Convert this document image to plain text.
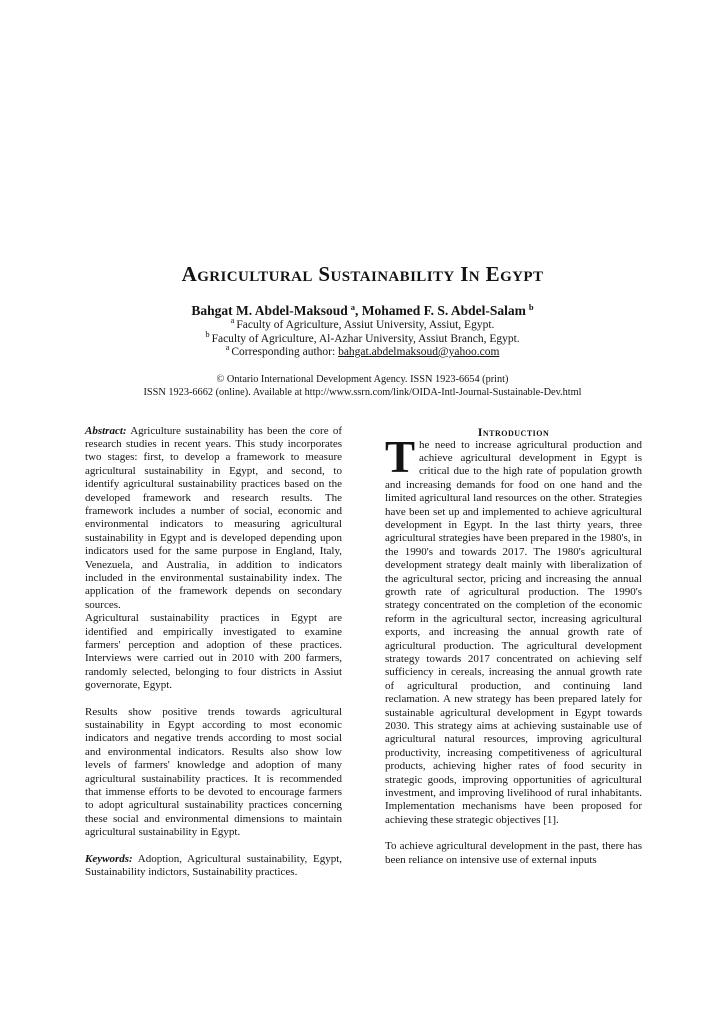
Agricultural Sustainability In Egypt
Bahgat M. Abdel-Maksoud $^a$, Mohamed F. S. Abdel-Salam $^b$
$^a$ Faculty of Agriculture, Assiut University, Assiut, Egypt.
$^b$ Faculty of Agriculture, Al-Azhar University, Assiut Branch, Egypt.
$^a$ Corresponding author: bahgat.abdelmaksoud@yahoo.com
© Ontario International Development Agency. ISSN 1923-6654 (print)
ISSN 1923-6662 (online). Available at http://www.ssrn.com/link/OIDA-Intl-Journal-Sustainable-Dev.html

Abstract: Agriculture sustainability has been the core of research studies in recent years. This study incorporates two stages: first, to develop a framework to measure agricultural sustainability in Egypt, and second, to identify agricultural sustainability practices based on the developed framework and research results. The framework includes a number of social, economic and environmental indicators to measuring agricultural sustainability in Egypt and is developed depending upon indicators used for the same purpose in England, Italy, Venezuela, and Australia, in addition to indicators included in the environmental sustainability index. The application of the framework depends on secondary sources.

Agricultural sustainability practices in Egypt are identified and empirically investigated to examine farmers' perception and adoption of these practices. Interviews were carried out in 2010 with 200 farmers, randomly selected, belonging to four districts in Assiut governorate, Egypt.

Results show positive trends towards agricultural sustainability in Egypt according to most economic indicators and negative trends according to most social and environmental indicators. Results also show low levels of farmers' knowledge and adoption of many agricultural sustainability practices. It is recommended that immense efforts to be devoted to encourage farmers to adopt agricultural sustainability practices concerning these social and environmental dimensions to maintain agricultural sustainability in Egypt.

Keywords: Adoption, Agricultural sustainability, Egypt, Sustainability indictors, Sustainability practices.

Introduction

The need to increase agricultural production and achieve agricultural development in Egypt is critical due to the high rate of population growth and increasing demands for food on one hand and the limited agricultural land resources on the other. Strategies have been set up and implemented to achieve agricultural development in Egypt. In the last thirty years, three agricultural strategies have been prepared in the 1980's, in the 1990's and towards 2017. The 1980's agricultural development strategy dealt mainly with liberalization of the agricultural sector, pricing and increasing the annual growth rate of agricultural production. The 1990's strategy concentrated on the completion of the economic reform in the agricultural sector, increasing agricultural exports, and increasing the annual growth rate of agricultural production. The agricultural development strategy towards 2017 concentrated on achieving self sufficiency in cereals, increasing the annual growth rate of agricultural production, and continuing land reclamation. A new strategy has been prepared lately for sustainable agricultural development in Egypt towards 2030. This strategy aims at achieving sustainable use of agricultural natural resources, improving agricultural productivity, increasing competitiveness of agricultural products, achieving higher rates of food security in strategic goods, improving opportunities of agricultural investment, and improving livelihood of rural inhabitants. Implementation mechanisms have been proposed for achieving these strategic objectives [1].

To achieve agricultural development in the past, there has been reliance on intensive use of external inputs
